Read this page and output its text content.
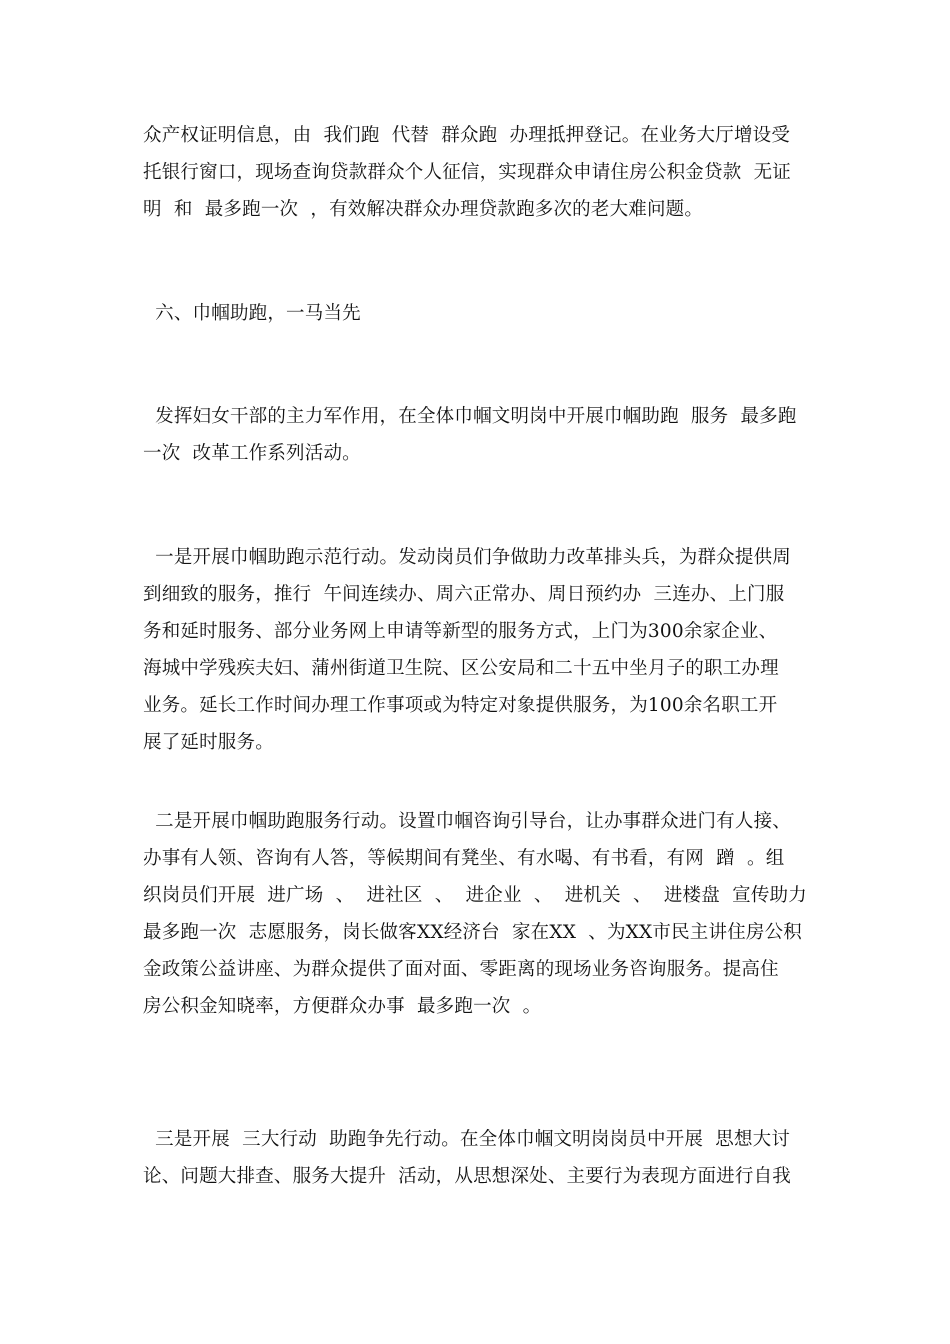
众产权证明信息，由  我们跑  代替  群众跑  办理抵押登记。在业务大厅增设受
托银行窗口，现场查询贷款群众个人征信，实现群众申请住房公积金贷款  无证
明  和  最多跑一次  ，有效解决群众办理贷款跑多次的老大难问题。
六、巾帼助跑，一马当先
发挥妇女干部的主力军作用，在全体巾帼文明岗中开展巾帼助跑  服务  最多跑
一次  改革工作系列活动。
一是开展巾帼助跑示范行动。发动岗员们争做助力改革排头兵，为群众提供周
到细致的服务，推行  午间连续办、周六正常办、周日预约办  三连办、上门服
务和延时服务、部分业务网上申请等新型的服务方式，上门为300余家企业、
海城中学残疾夫妇、蒲州街道卫生院、区公安局和二十五中坐月子的职工办理
业务。延长工作时间办理工作事项或为特定对象提供服务，为100余名职工开
展了延时服务。
二是开展巾帼助跑服务行动。设置巾帼咨询引导台，让办事群众进门有人接、
办事有人领、咨询有人答，等候期间有凳坐、有水喝、有书看，有网  蹭  。组
织岗员们开展  进广场  、  进社区  、  进企业  、  进机关  、  进楼盘  宣传助力
最多跑一次  志愿服务，岗长做客XX经济台  家在XX  、为XX市民主讲住房公积
金政策公益讲座、为群众提供了面对面、零距离的现场业务咨询服务。提高住
房公积金知晓率，方便群众办事  最多跑一次  。
三是开展  三大行动  助跑争先行动。在全体巾帼文明岗岗员中开展  思想大讨
论、问题大排查、服务大提升  活动，从思想深处、主要行为表现方面进行自我
